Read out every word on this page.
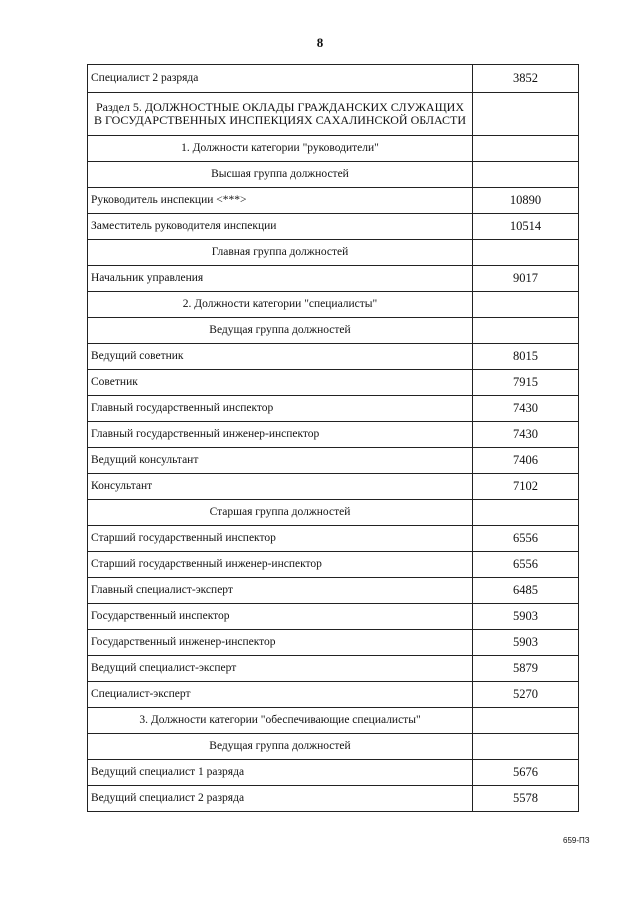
8
Специалист 2 разряда	3852
Раздел 5. ДОЛЖНОСТНЫЕ ОКЛАДЫ ГРАЖДАНСКИХ СЛУЖАЩИХ В ГОСУДАРСТВЕННЫХ ИНСПЕКЦИЯХ САХАЛИНСКОЙ ОБЛАСТИ	
1. Должности категории "руководители"	
Высшая группа должностей	
Руководитель инспекции <***>	10890
Заместитель руководителя инспекции	10514
Главная группа должностей	
Начальник управления	9017
2. Должности категории "специалисты"	
Ведущая группа должностей	
Ведущий советник	8015
Советник	7915
Главный государственный инспектор	7430
Главный государственный инженер-инспектор	7430
Ведущий консультант	7406
Консультант	7102
Старшая группа должностей	
Старший государственный инспектор	6556
Старший государственный инженер-инспектор	6556
Главный специалист-эксперт	6485
Государственный инспектор	5903
Государственный инженер-инспектор	5903
Ведущий специалист-эксперт	5879
Специалист-эксперт	5270
3. Должности категории "обеспечивающие специалисты"	
Ведущая группа должностей	
Ведущий специалист 1 разряда	5676
Ведущий специалист 2 разряда	5578
659-ПЗ
